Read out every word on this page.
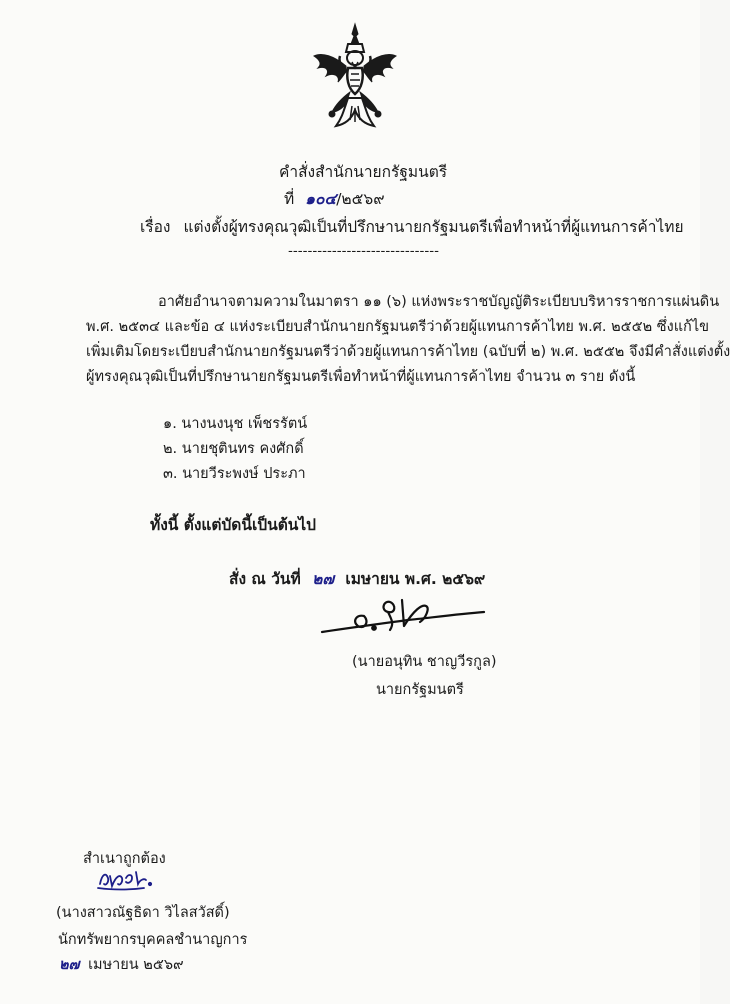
คำสั่งสำนักนายกรัฐมนตรี
ที่ ๑๐๔/๒๕๖๙
เรื่อง แต่งตั้งผู้ทรงคุณวุฒิเป็นที่ปรึกษานายกรัฐมนตรีเพื่อทำหน้าที่ผู้แทนการค้าไทย
-------------------------------
อาศัยอำนาจตามความในมาตรา ๑๑ (๖) แห่งพระราชบัญญัติระเบียบบริหารราชการแผ่นดิน
พ.ศ. ๒๕๓๔ และข้อ ๔ แห่งระเบียบสำนักนายกรัฐมนตรีว่าด้วยผู้แทนการค้าไทย พ.ศ. ๒๕๕๒ ซึ่งแก้ไข
เพิ่มเติมโดยระเบียบสำนักนายกรัฐมนตรีว่าด้วยผู้แทนการค้าไทย (ฉบับที่ ๒) พ.ศ. ๒๕๕๒ จึงมีคำสั่งแต่งตั้ง
ผู้ทรงคุณวุฒิเป็นที่ปรึกษานายกรัฐมนตรีเพื่อทำหน้าที่ผู้แทนการค้าไทย จำนวน ๓ ราย ดังนี้
๑. นางนงนุช เพ็ชรรัตน์
๒. นายชุตินทร คงศักดิ์
๓. นายวีระพงษ์ ประภา
ทั้งนี้ ตั้งแต่บัดนี้เป็นต้นไป
สั่ง ณ วันที่ ๒๗ เมษายน พ.ศ. ๒๕๖๙
(นายอนุทิน ชาญวีรกูล)
นายกรัฐมนตรี
สำเนาถูกต้อง
(นางสาวณัฐธิดา วิไลสวัสดิ์)
นักทรัพยากรบุคคลชำนาญการ
๒๗ เมษายน ๒๕๖๙
